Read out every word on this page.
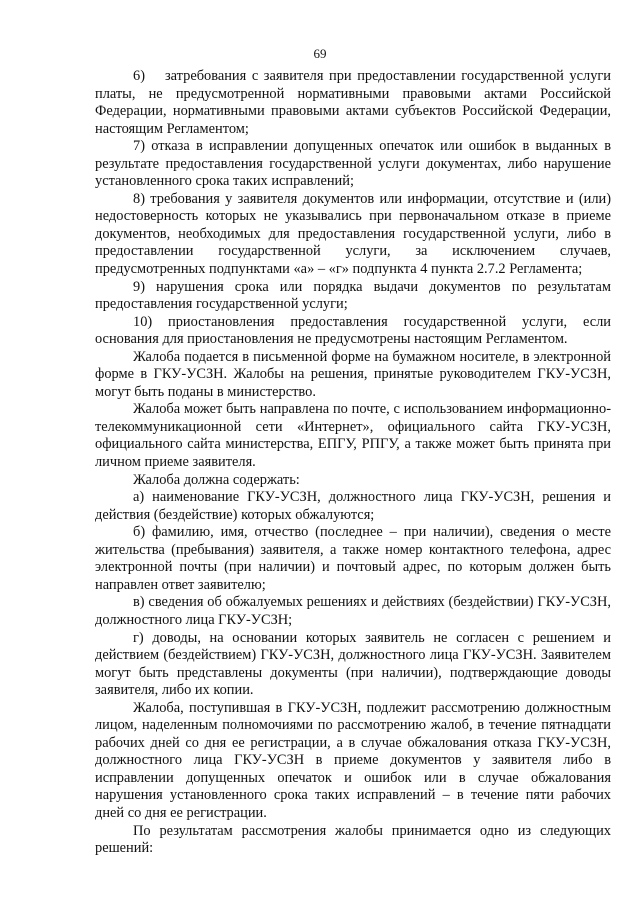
69

6)  затребования с заявителя при предоставлении государственной услуги платы, не предусмотренной нормативными правовыми актами Российской Федерации, нормативными правовыми актами субъектов Российской Федерации, настоящим Регламентом;

7) отказа в исправлении допущенных опечаток или ошибок в выданных в результате предоставления государственной услуги документах, либо нарушение установленного срока таких исправлений;

8) требования у заявителя документов или информации, отсутствие и (или) недостоверность которых не указывались при первоначальном отказе в приеме документов, необходимых для предоставления государственной услуги, либо в предоставлении государственной услуги, за исключением случаев, предусмотренных подпунктами «а» – «г» подпункта 4 пункта 2.7.2 Регламента;

9) нарушения срока или порядка выдачи документов по результатам предоставления государственной услуги;

10) приостановления предоставления государственной услуги, если основания для приостановления не предусмотрены настоящим Регламентом.

Жалоба подается в письменной форме на бумажном носителе, в электронной форме в ГКУ-УСЗН. Жалобы на решения, принятые руководителем ГКУ-УСЗН, могут быть поданы в министерство.

Жалоба может быть направлена по почте, с использованием информационно-телекоммуникационной сети «Интернет», официального сайта ГКУ-УСЗН, официального сайта министерства, ЕПГУ, РПГУ, а также может быть принята при личном приеме заявителя.

Жалоба должна содержать:

а) наименование ГКУ-УСЗН, должностного лица ГКУ-УСЗН, решения и действия (бездействие) которых обжалуются;

б) фамилию, имя, отчество (последнее – при наличии), сведения о месте жительства (пребывания) заявителя, а также номер контактного телефона, адрес электронной почты (при наличии) и почтовый адрес, по которым должен быть направлен ответ заявителю;

в) сведения об обжалуемых решениях и действиях (бездействии) ГКУ-УСЗН, должностного лица ГКУ-УСЗН;

г) доводы, на основании которых заявитель не согласен с решением и действием (бездействием) ГКУ-УСЗН, должностного лица ГКУ-УСЗН. Заявителем могут быть представлены документы (при наличии), подтверждающие доводы заявителя, либо их копии.

Жалоба, поступившая в ГКУ-УСЗН, подлежит рассмотрению должностным лицом, наделенным полномочиями по рассмотрению жалоб, в течение пятнадцати рабочих дней со дня ее регистрации, а в случае обжалования отказа ГКУ-УСЗН, должностного лица ГКУ-УСЗН в приеме документов у заявителя либо в исправлении допущенных опечаток и ошибок или в случае обжалования нарушения установленного срока таких исправлений – в течение пяти рабочих дней со дня ее регистрации.

По результатам рассмотрения жалобы принимается одно из следующих решений:
